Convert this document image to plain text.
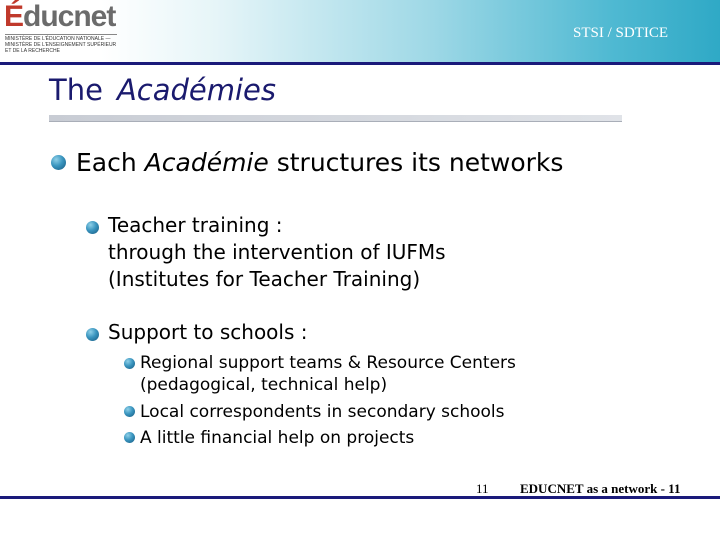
Éducnet
MINISTÈRE DE L'ÉDUCATION NATIONALE — MINISTÈRE DE L'ENSEIGNEMENT SUPÉRIEUR ET DE LA RECHERCHE
STSI / SDTICE
The Académies
Each Académie structures its networks
Teacher training :
through the intervention of IUFMs
(Institutes for Teacher Training)
Support to schools :
Regional support teams & Resource Centers
(pedagogical, technical help)
Local correspondents in secondary schools
A little financial help on projects
11 EDUCNET as a network - 11
